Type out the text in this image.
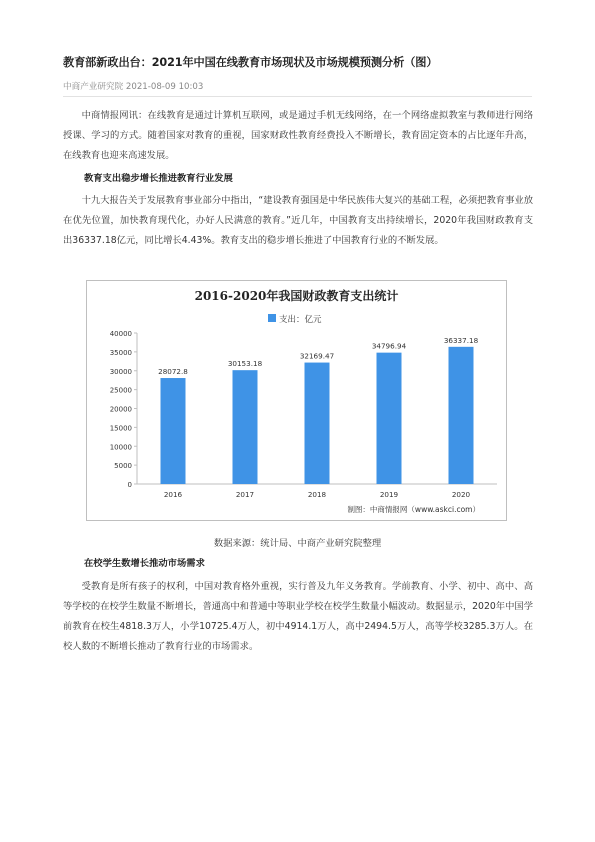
教育部新政出台：2021年中国在线教育市场现状及市场规模预测分析（图）
中商产业研究院 2021-08-09 10:03

中商情报网讯：在线教育是通过计算机互联网，或是通过手机无线网络，在一个网络虚拟教室与教师进行网络授课、学习的方式。随着国家对教育的重视，国家财政性教育经费投入不断增长，教育固定资本的占比逐年升高，在线教育也迎来高速发展。

教育支出稳步增长推进教育行业发展

十九大报告关于发展教育事业部分中指出，“建设教育强国是中华民族伟大复兴的基础工程，必须把教育事业放在优先位置，加快教育现代化，办好人民满意的教育。”近几年，中国教育支出持续增长，2020年我国财政教育支出36337.18亿元，同比增长4.43%。教育支出的稳步增长推进了中国教育行业的不断发展。

2016-2020年我国财政教育支出统计
支出：亿元
0
5000
10000
15000
20000
25000
30000
35000
40000
28072.8
2016
30153.18
2017
32169.47
2018
34796.94
2019
36337.18
2020
制图：中商情报网（www.askci.com）
数据来源：统计局、中商产业研究院整理
在校学生数增长推动市场需求

受教育是所有孩子的权利，中国对教育格外重视，实行普及九年义务教育。学前教育、小学、初中、高中、高等学校的在校学生数量不断增长，普通高中和普通中等职业学校在校学生数量小幅波动。数据显示，2020年中国学前教育在校生4818.3万人，小学10725.4万人，初中4914.1万人，高中2494.5万人，高等学校3285.3万人。在校人数的不断增长推动了教育行业的市场需求。
